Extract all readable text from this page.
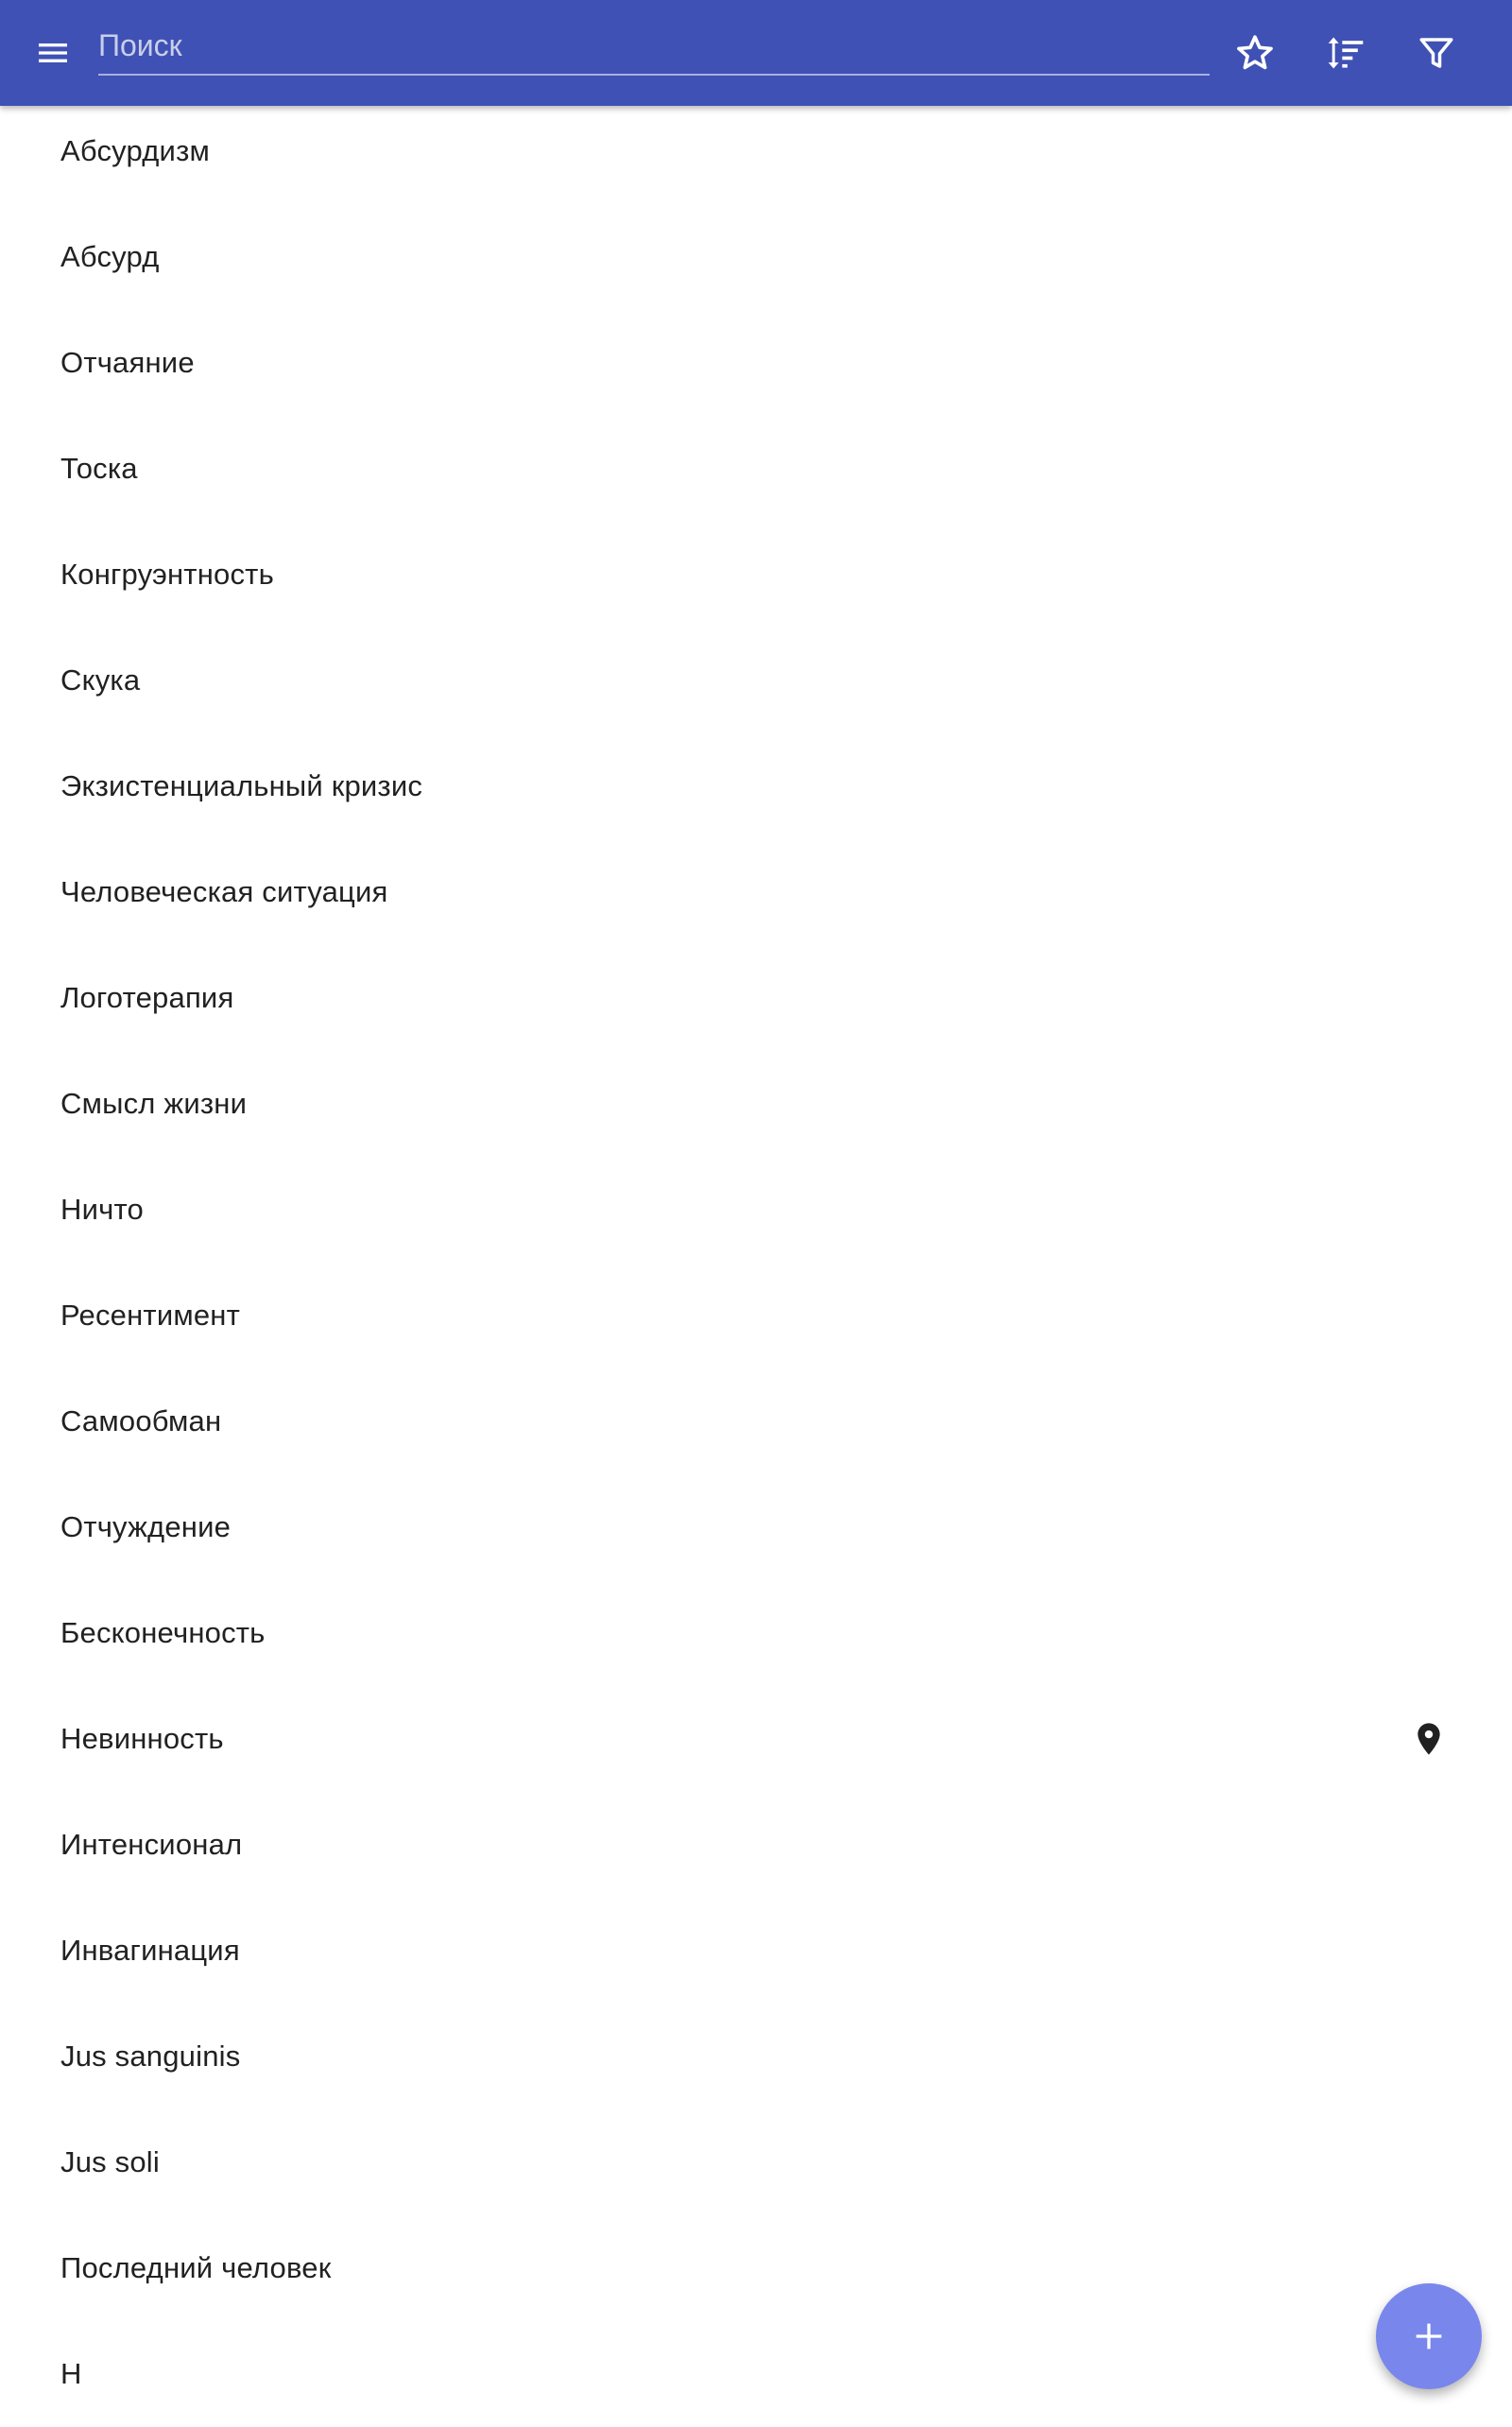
Поиск
Абсурдизм
Абсурд
Отчаяние
Тоска
Конгруэнтность
Скука
Экзистенциальный кризис
Человеческая ситуация
Логотерапия
Смысл жизни
Ничто
Ресентимент
Самообман
Отчуждение
Бесконечность
Невинность
Интенсионал
Инвагинация
Jus sanguinis
Jus soli
Последний человек
Н
